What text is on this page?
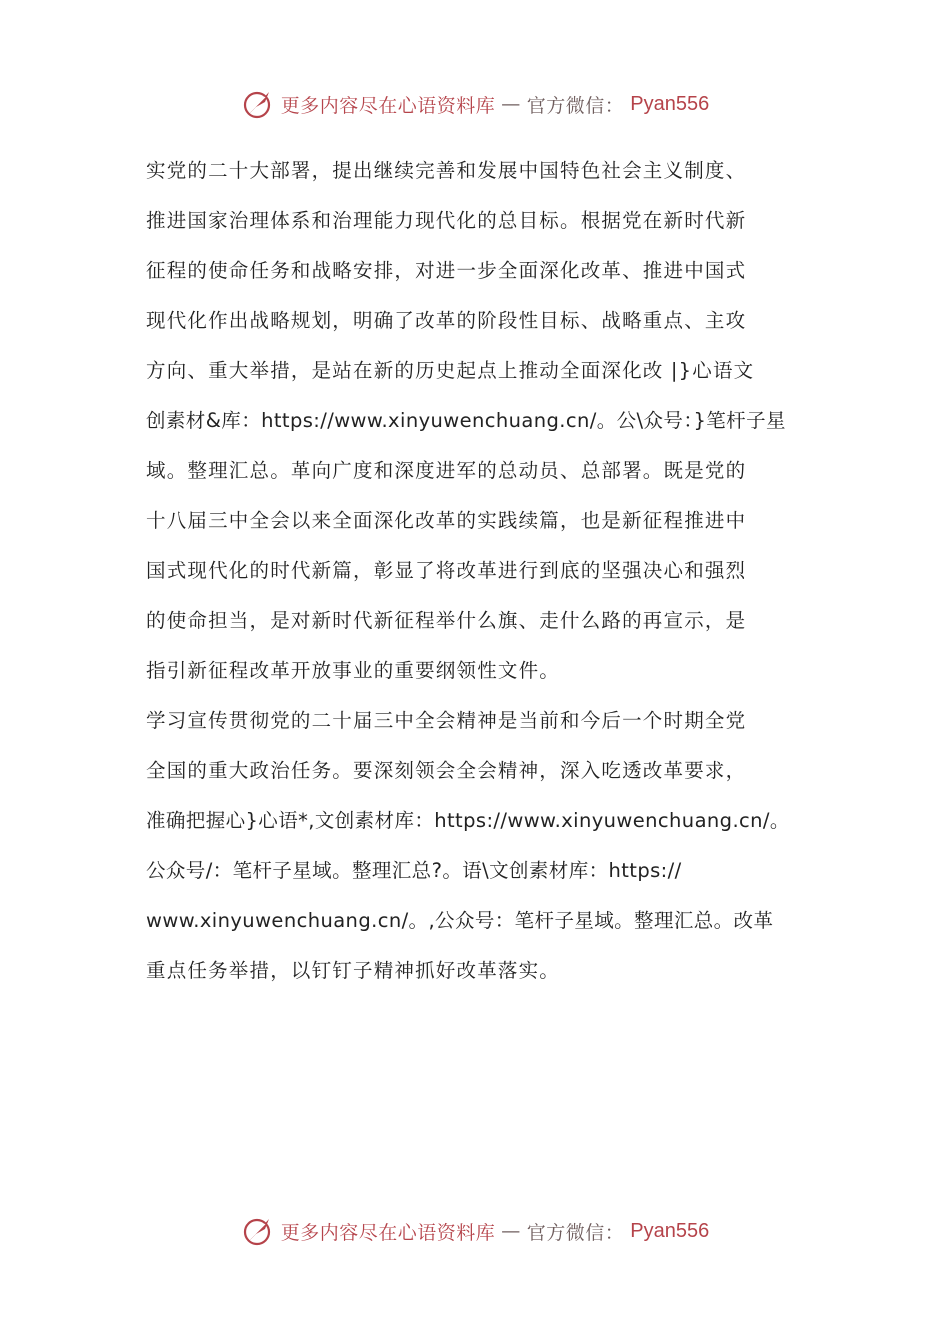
更多内容尽在心语资料库 — 官方微信： Pyan556
实党的二十大部署，提出继续完善和发展中国特色社会主义制度、
推进国家治理体系和治理能力现代化的总目标。根据党在新时代新
征程的使命任务和战略安排，对进一步全面深化改革、推进中国式
现代化作出战略规划，明确了改革的阶段性目标、战略重点、主攻
方向、重大举措，是站在新的历史起点上推动全面深化改 |}心语文
创素材&库：https://www.xinyuwenchuang.cn/。公\众号：}笔杆子星
域。整理汇总。革向广度和深度进军的总动员、总部署。既是党的
十八届三中全会以来全面深化改革的实践续篇，也是新征程推进中
国式现代化的时代新篇，彰显了将改革进行到底的坚强决心和强烈
的使命担当，是对新时代新征程举什么旗、走什么路的再宣示，是
指引新征程改革开放事业的重要纲领性文件。
学习宣传贯彻党的二十届三中全会精神是当前和今后一个时期全党
全国的重大政治任务。要深刻领会全会精神，深入吃透改革要求，
准确把握心}心语*,文创素材库：https://www.xinyuwenchuang.cn/。
公众号/：笔杆子星域。整理汇总?。语\文创素材库：https://
www.xinyuwenchuang.cn/。,公众号：笔杆子星域。整理汇总。改革
重点任务举措，以钉钉子精神抓好改革落实。
更多内容尽在心语资料库 — 官方微信： Pyan556
